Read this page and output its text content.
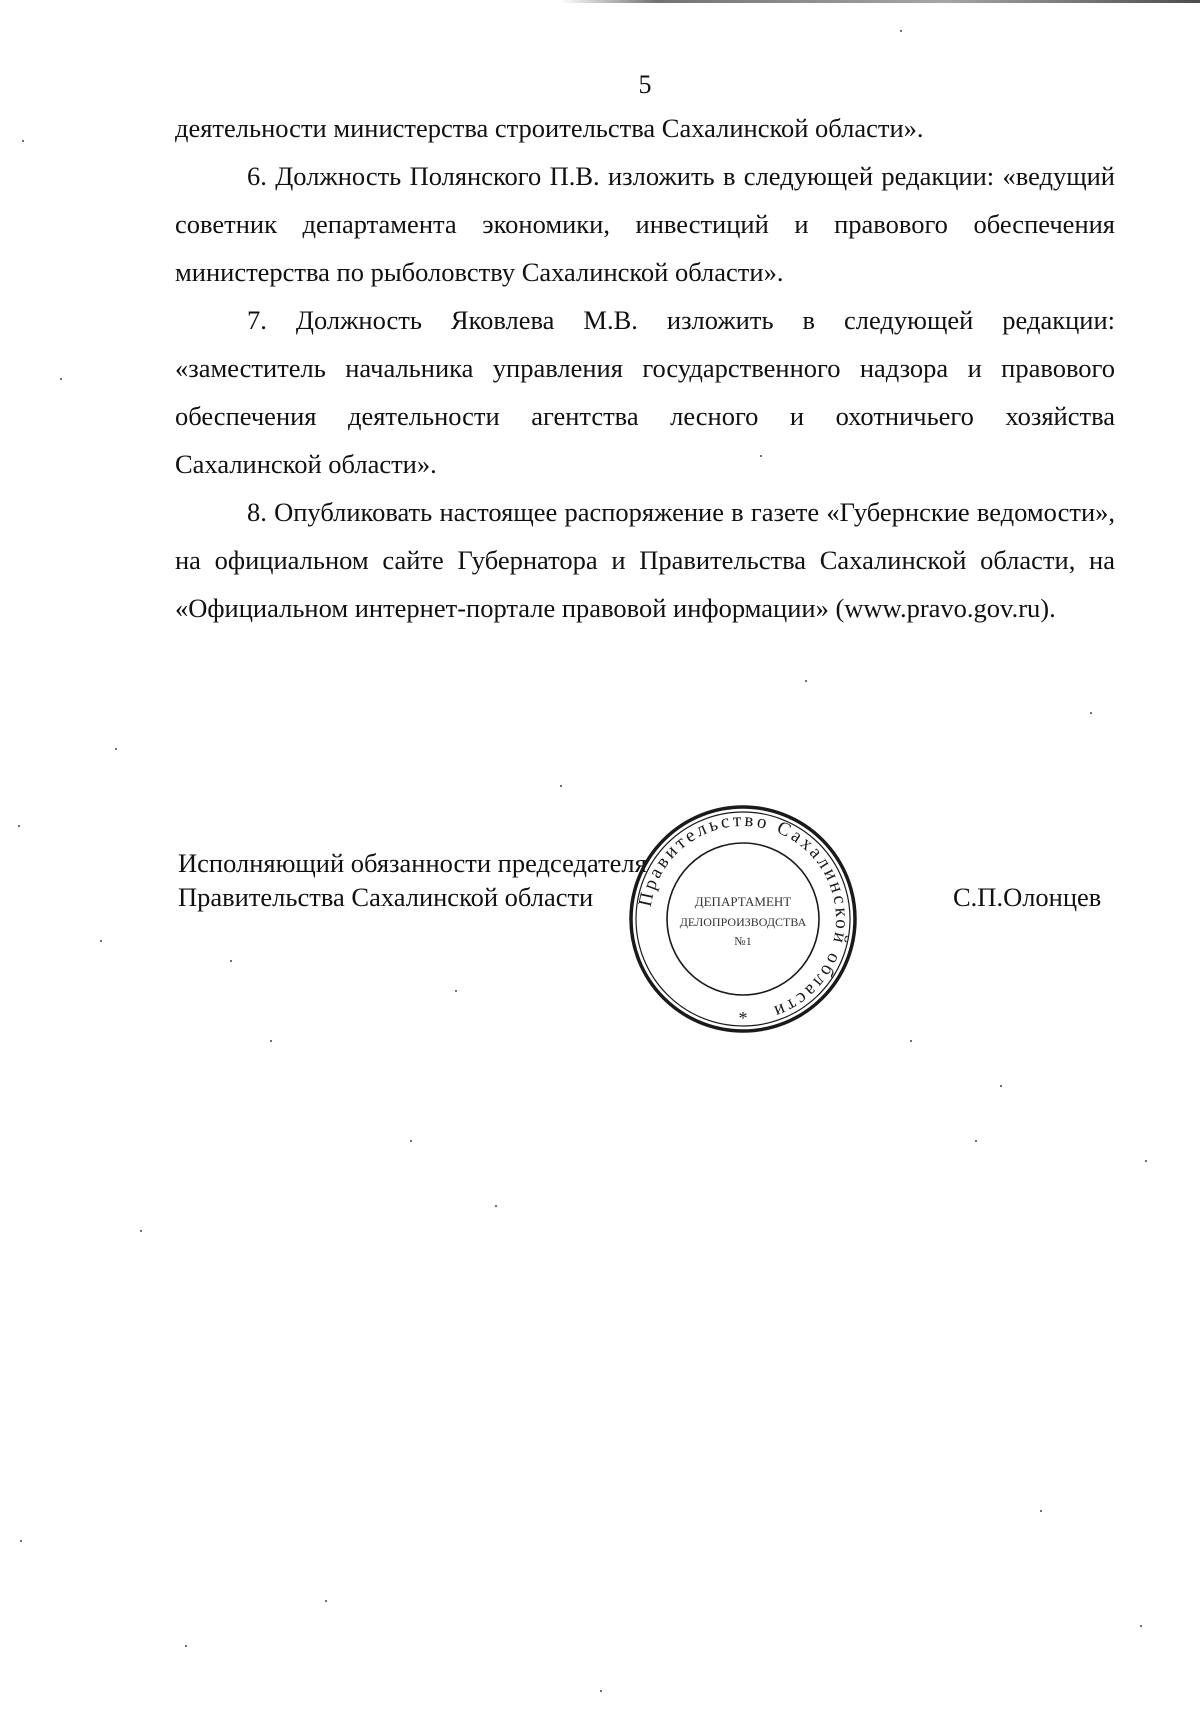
5

деятельности министерства строительства Сахалинской области».

6. Должность Полянского П.В. изложить в следующей редакции: «ведущий советник департамента экономики, инвестиций и правового обеспечения министерства по рыболовству Сахалинской области».

7. Должность Яковлева М.В. изложить в следующей редакции: «заместитель начальника управления государственного надзора и правового обеспечения деятельности агентства лесного и охотничьего хозяйства Сахалинской области».

8. Опубликовать настоящее распоряжение в газете «Губернские ведомости», на официальном сайте Губернатора и Правительства Сахалинской области, на «Официальном интернет-портале правовой информации» (www.pravo.gov.ru).

Исполняющий обязанности председателя
Правительства Сахалинской области	С.П.Олонцев
Правительство Сахалинской области
ДЕПАРТАМЕНТ
ДЕЛОПРОИЗВОДСТВА
№1
*
